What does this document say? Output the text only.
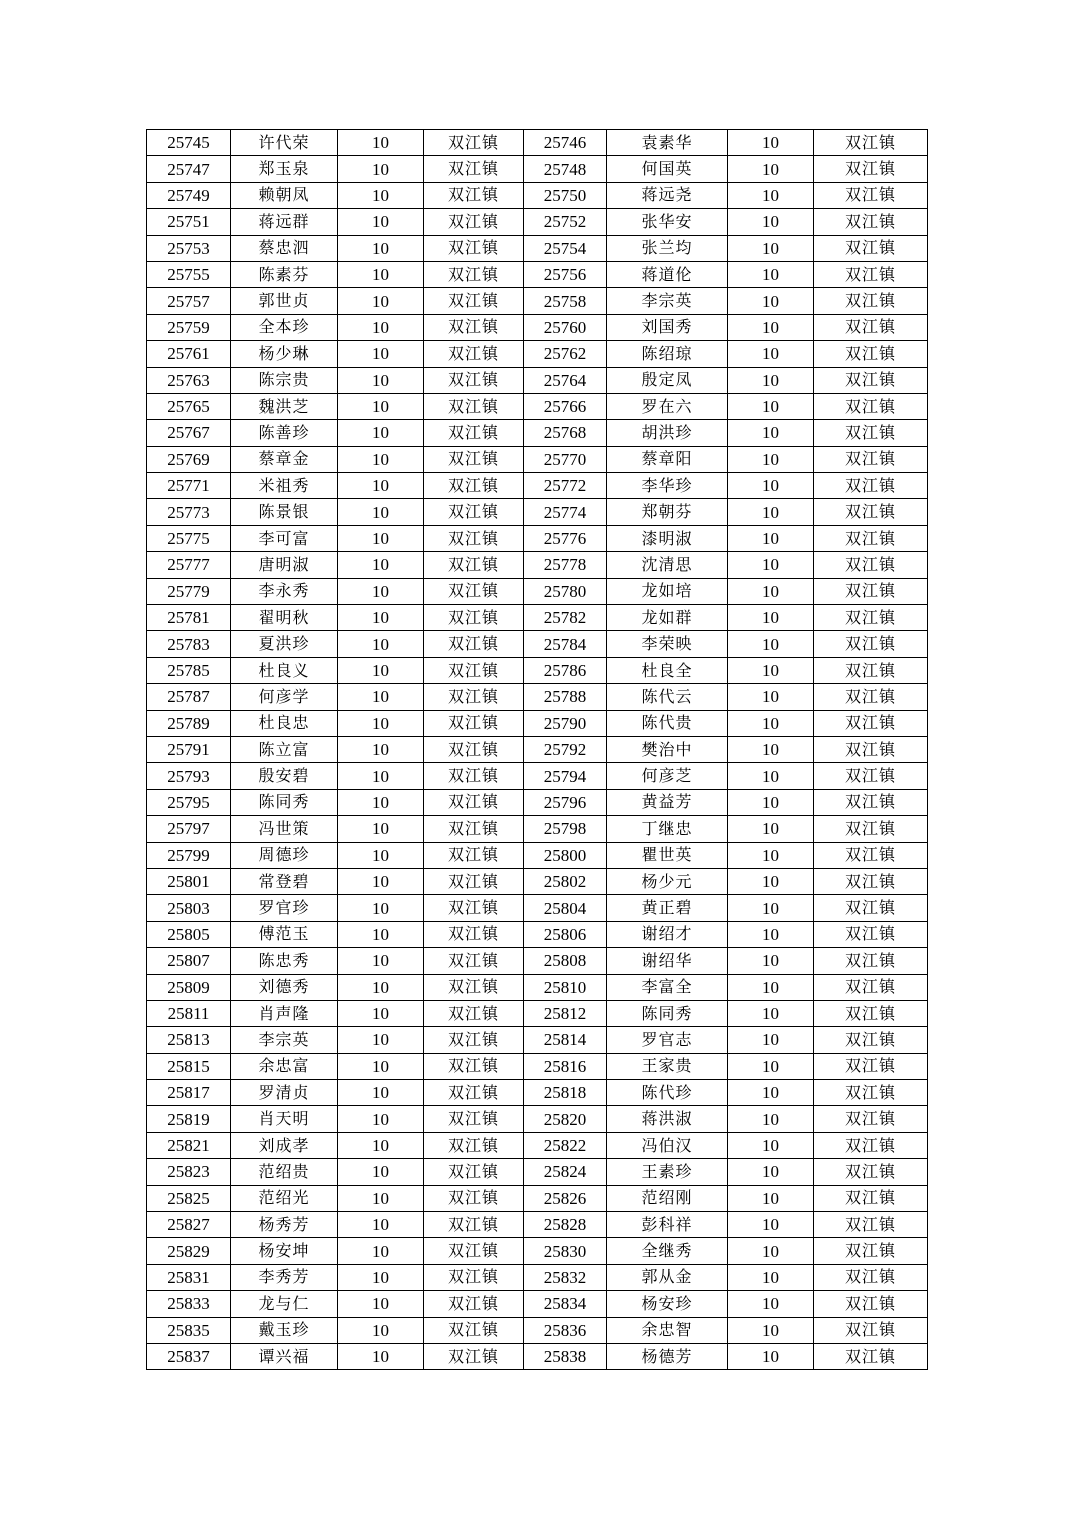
25745	许代荣	10	双江镇	25746	袁素华	10	双江镇
25747	郑玉泉	10	双江镇	25748	何国英	10	双江镇
25749	赖朝凤	10	双江镇	25750	蒋远尧	10	双江镇
25751	蒋远群	10	双江镇	25752	张华安	10	双江镇
25753	蔡忠泗	10	双江镇	25754	张兰均	10	双江镇
25755	陈素芬	10	双江镇	25756	蒋道伦	10	双江镇
25757	郭世贞	10	双江镇	25758	李宗英	10	双江镇
25759	全本珍	10	双江镇	25760	刘国秀	10	双江镇
25761	杨少琳	10	双江镇	25762	陈绍琼	10	双江镇
25763	陈宗贵	10	双江镇	25764	殷定凤	10	双江镇
25765	魏洪芝	10	双江镇	25766	罗在六	10	双江镇
25767	陈善珍	10	双江镇	25768	胡洪珍	10	双江镇
25769	蔡章金	10	双江镇	25770	蔡章阳	10	双江镇
25771	米祖秀	10	双江镇	25772	李华珍	10	双江镇
25773	陈景银	10	双江镇	25774	郑朝芬	10	双江镇
25775	李可富	10	双江镇	25776	漆明淑	10	双江镇
25777	唐明淑	10	双江镇	25778	沈清思	10	双江镇
25779	李永秀	10	双江镇	25780	龙如培	10	双江镇
25781	翟明秋	10	双江镇	25782	龙如群	10	双江镇
25783	夏洪珍	10	双江镇	25784	李荣映	10	双江镇
25785	杜良义	10	双江镇	25786	杜良全	10	双江镇
25787	何彦学	10	双江镇	25788	陈代云	10	双江镇
25789	杜良忠	10	双江镇	25790	陈代贵	10	双江镇
25791	陈立富	10	双江镇	25792	樊治中	10	双江镇
25793	殷安碧	10	双江镇	25794	何彦芝	10	双江镇
25795	陈同秀	10	双江镇	25796	黄益芳	10	双江镇
25797	冯世策	10	双江镇	25798	丁继忠	10	双江镇
25799	周德珍	10	双江镇	25800	瞿世英	10	双江镇
25801	常登碧	10	双江镇	25802	杨少元	10	双江镇
25803	罗官珍	10	双江镇	25804	黄正碧	10	双江镇
25805	傅范玉	10	双江镇	25806	谢绍才	10	双江镇
25807	陈忠秀	10	双江镇	25808	谢绍华	10	双江镇
25809	刘德秀	10	双江镇	25810	李富全	10	双江镇
25811	肖声隆	10	双江镇	25812	陈同秀	10	双江镇
25813	李宗英	10	双江镇	25814	罗官志	10	双江镇
25815	余忠富	10	双江镇	25816	王家贵	10	双江镇
25817	罗清贞	10	双江镇	25818	陈代珍	10	双江镇
25819	肖天明	10	双江镇	25820	蒋洪淑	10	双江镇
25821	刘成孝	10	双江镇	25822	冯伯汉	10	双江镇
25823	范绍贵	10	双江镇	25824	王素珍	10	双江镇
25825	范绍光	10	双江镇	25826	范绍刚	10	双江镇
25827	杨秀芳	10	双江镇	25828	彭科祥	10	双江镇
25829	杨安坤	10	双江镇	25830	全继秀	10	双江镇
25831	李秀芳	10	双江镇	25832	郭从金	10	双江镇
25833	龙与仁	10	双江镇	25834	杨安珍	10	双江镇
25835	戴玉珍	10	双江镇	25836	余忠智	10	双江镇
25837	谭兴福	10	双江镇	25838	杨德芳	10	双江镇
